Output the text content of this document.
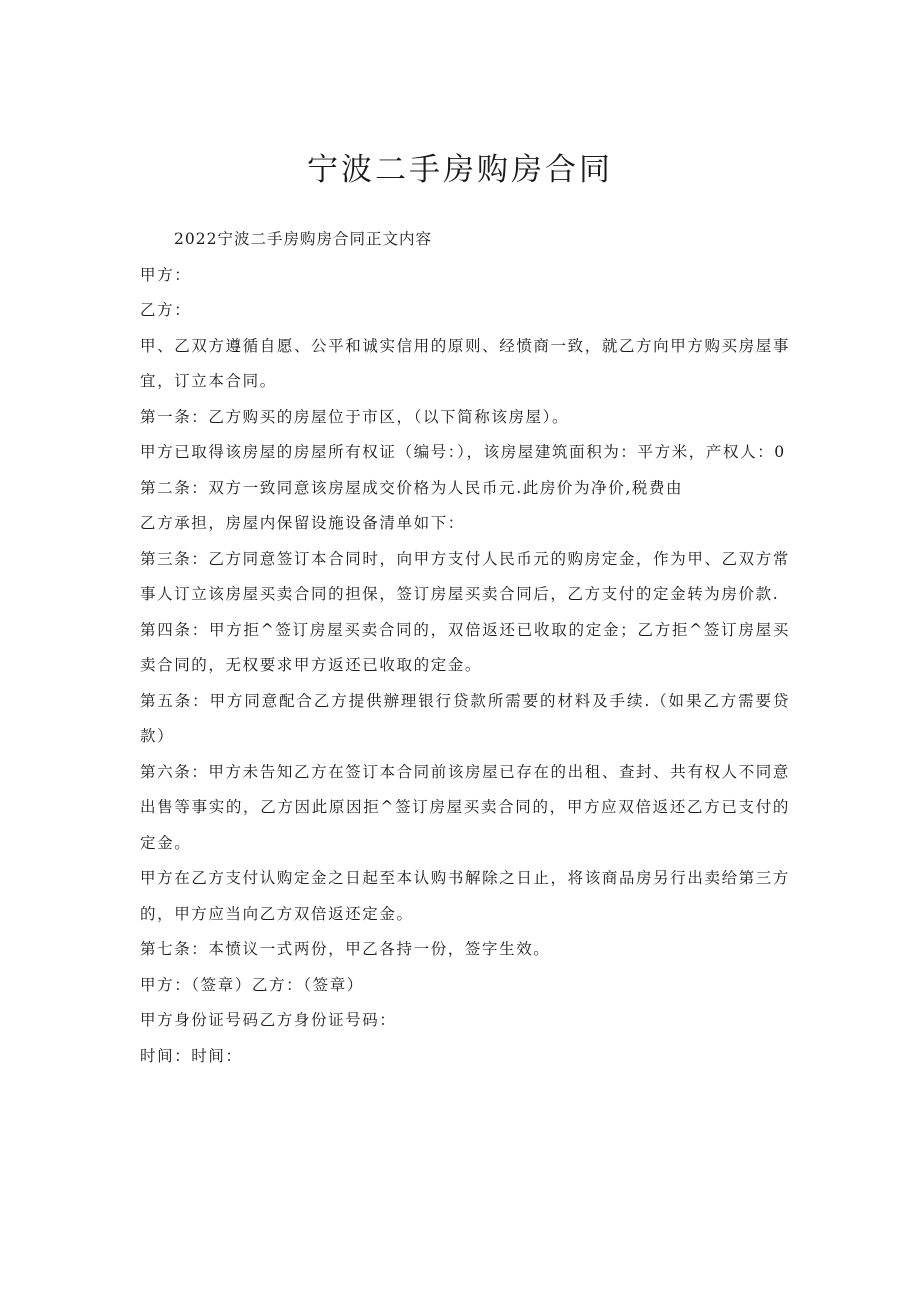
宁波二手房购房合同

2022宁波二手房购房合同正文内容

甲方：

乙方：

甲、乙双方遵循自愿、公平和诚实信用的原则、经愤商一致，就乙方向甲方购买房屋事宜，订立本合同。

第一条：乙方购买的房屋位于市区，（以下简称该房屋）。

甲方已取得该房屋的房屋所有权证（编号：），该房屋建筑面积为：平方米，产权人：0

第二条：双方一致同意该房屋成交价格为人民币元.此房价为净价,税费由

乙方承担，房屋内保留设施设备清单如下：

第三条：乙方同意签订本合同时，向甲方支付人民币元的购房定金，作为甲、乙双方常事人订立该房屋买卖合同的担保，签订房屋买卖合同后，乙方支付的定金转为房价款.

第四条：甲方拒^签订房屋买卖合同的，双倍返还已收取的定金；乙方拒^签订房屋买卖合同的，无权要求甲方返还已收取的定金。

第五条：甲方同意配合乙方提供辦理银行贷款所需要的材料及手续.（如果乙方需要贷款）

第六条：甲方未告知乙方在签订本合同前该房屋已存在的出租、查封、共有权人不同意出售等事实的，乙方因此原因拒^签订房屋买卖合同的，甲方应双倍返还乙方已支付的定金。

甲方在乙方支付认购定金之日起至本认购书解除之日止，将该商品房另行出卖给第三方的，甲方应当向乙方双倍返还定金。

第七条：本愤议一式两份，甲乙各持一份，签字生效。

甲方：（签章）乙方：（签章）

甲方身份证号码乙方身份证号码：

时间：时间：
